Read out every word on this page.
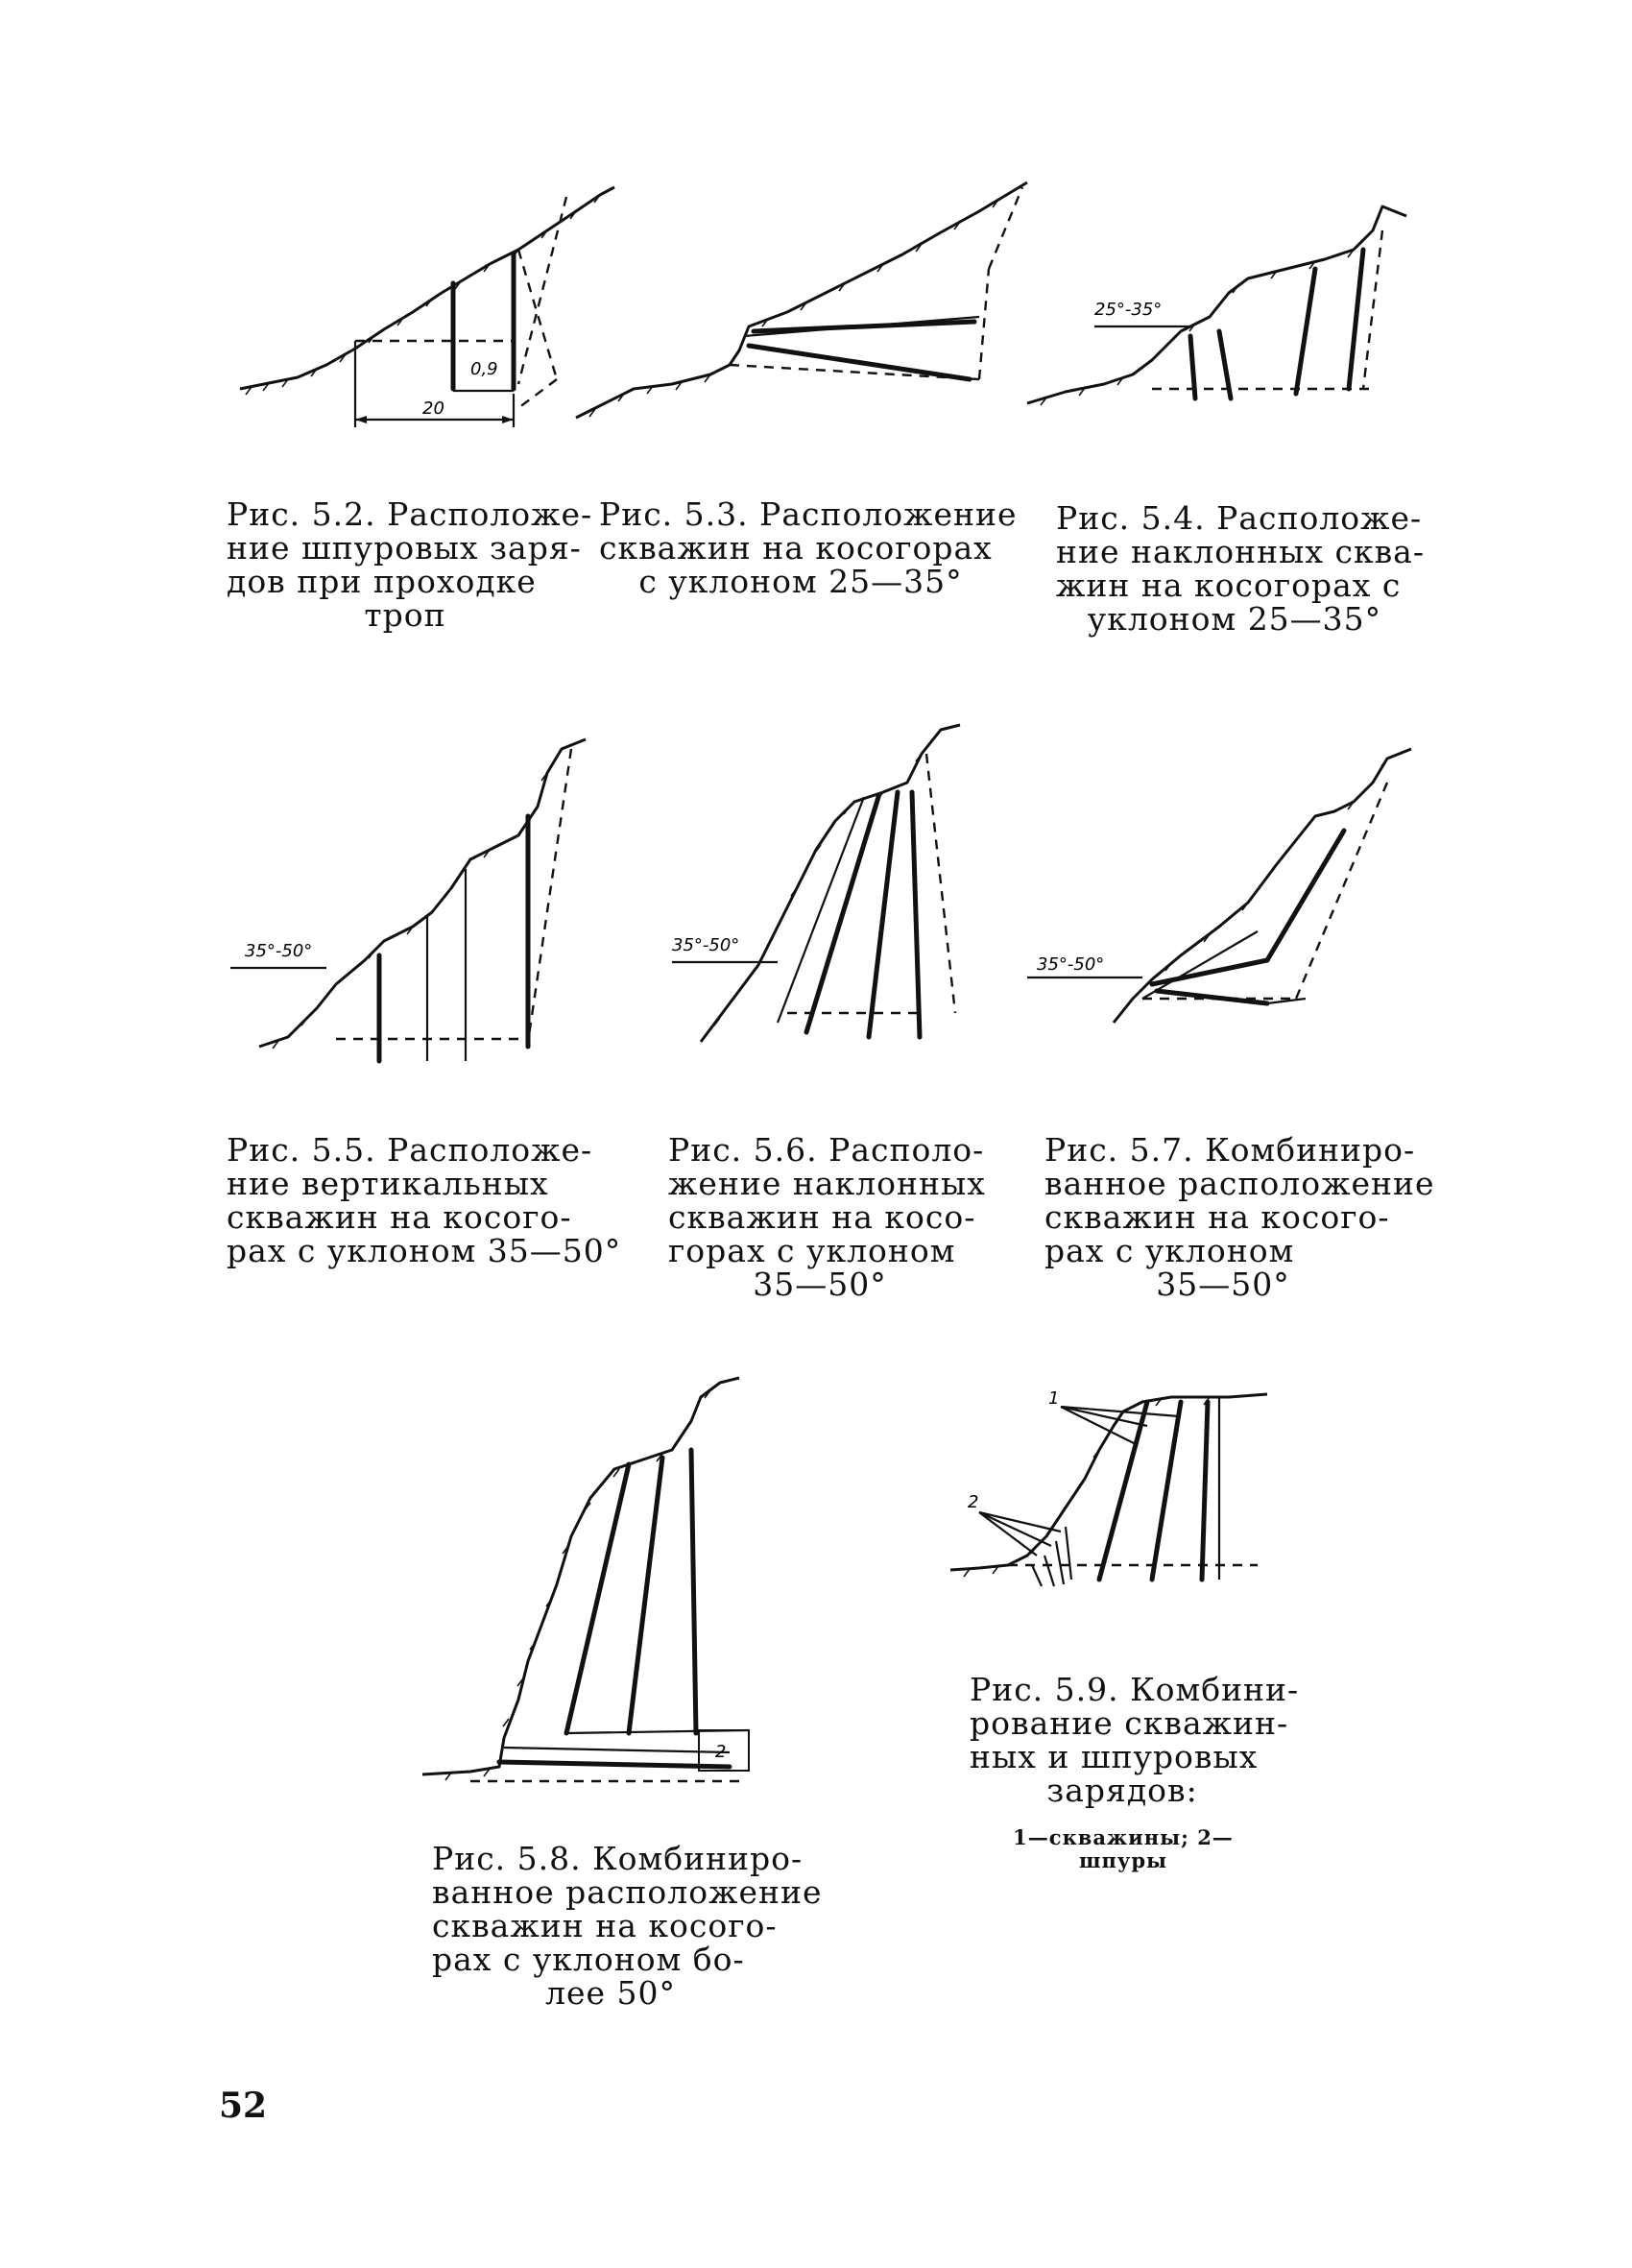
0,9
20
Рис. 5.2. Расположе-
ние шпуровых заря-
дов при проходке
троп
Рис. 5.3. Расположение
скважин на косогорах
с уклоном 25—35°
25°-35°
Рис. 5.4. Расположе-
ние наклонных сква-
жин на косогорах с
уклоном 25—35°
35°-50°
Рис. 5.5. Расположе-
ние вертикальных
скважин на косого-
рах с уклоном 35—50°
35°-50°
Рис. 5.6. Располо-
жение наклонных
скважин на косо-
горах с уклоном
35—50°
35°-50°
Рис. 5.7. Комбиниро-
ванное расположение
скважин на косого-
рах с уклоном
35—50°
2
Рис. 5.8. Комбиниро-
ванное расположение
скважин на косого-
рах с уклоном бо-
лее 50°
1
2
Рис. 5.9. Комбини-
рование скважин-
ных и шпуровых
зарядов:
1—скважины; 2—
шпуры
52
